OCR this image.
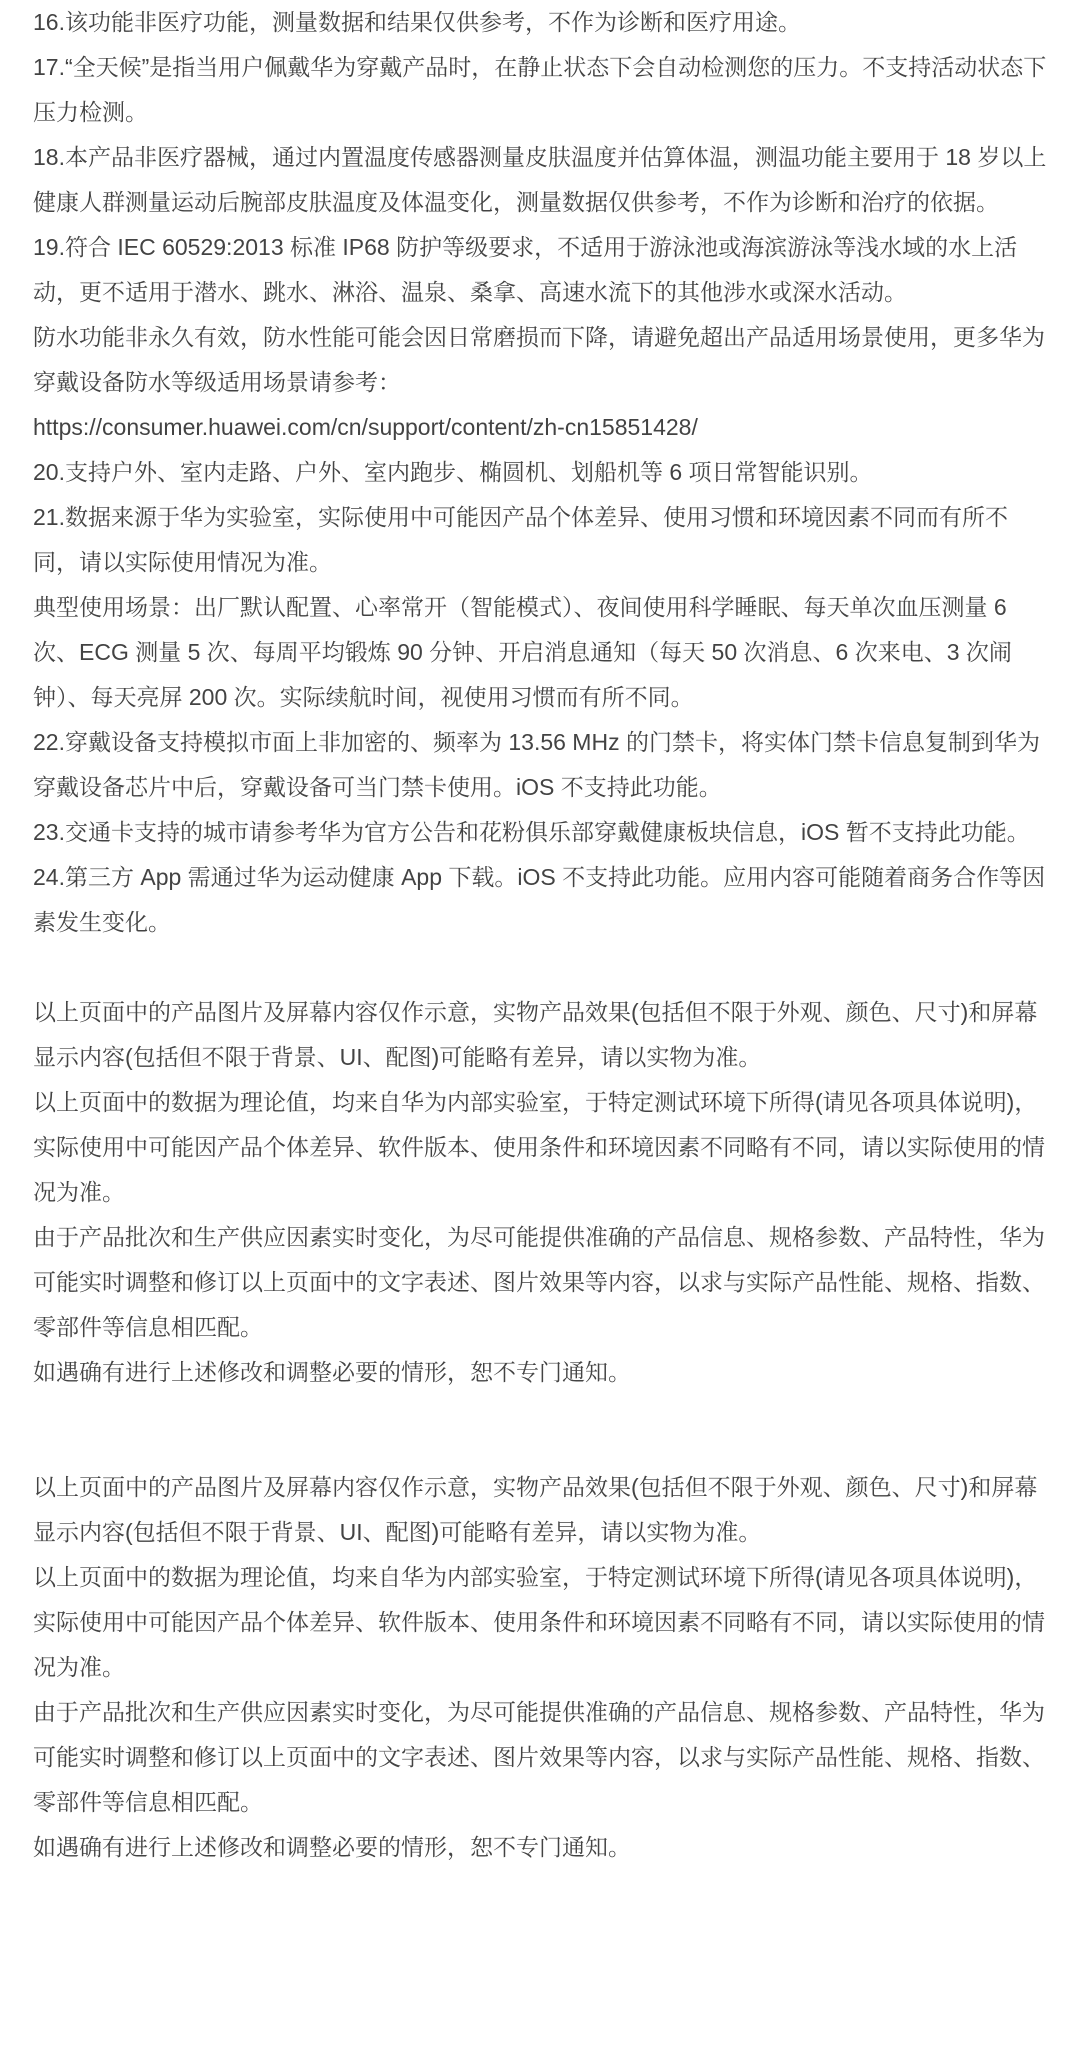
16.该功能非医疗功能，测量数据和结果仅供参考，不作为诊断和医疗用途。

17.“全天候”是指当用户佩戴华为穿戴产品时，在静止状态下会自动检测您的压力。不支持活动状态下压力检测。

18.本产品非医疗器械，通过内置温度传感器测量皮肤温度并估算体温，测温功能主要用于 18 岁以上健康人群测量运动后腕部皮肤温度及体温变化，测量数据仅供参考，不作为诊断和治疗的依据。

19.符合 IEC 60529:2013 标准 IP68 防护等级要求，不适用于游泳池或海滨游泳等浅水域的水上活动，更不适用于潜水、跳水、淋浴、温泉、桑拿、高速水流下的其他涉水或深水活动。

防水功能非永久有效，防水性能可能会因日常磨损而下降，请避免超出产品适用场景使用，更多华为穿戴设备防水等级适用场景请参考：

https://consumer.huawei.com/cn/support/content/zh-cn15851428/

20.支持户外、室内走路、户外、室内跑步、椭圆机、划船机等 6 项日常智能识别。

21.数据来源于华为实验室，实际使用中可能因产品个体差异、使用习惯和环境因素不同而有所不同，请以实际使用情况为准。

典型使用场景：出厂默认配置、心率常开（智能模式）、夜间使用科学睡眠、每天单次血压测量 6 次、ECG 测量 5 次、每周平均锻炼 90 分钟、开启消息通知（每天 50 次消息、6 次来电、3 次闹钟）、每天亮屏 200 次。实际续航时间，视使用习惯而有所不同。

22.穿戴设备支持模拟市面上非加密的、频率为 13.56 MHz 的门禁卡，将实体门禁卡信息复制到华为穿戴设备芯片中后，穿戴设备可当门禁卡使用。iOS 不支持此功能。

23.交通卡支持的城市请参考华为官方公告和花粉俱乐部穿戴健康板块信息，iOS 暂不支持此功能。

24.第三方 App 需通过华为运动健康 App 下载。iOS 不支持此功能。应用内容可能随着商务合作等因素发生变化。

以上页面中的产品图片及屏幕内容仅作示意，实物产品效果(包括但不限于外观、颜色、尺寸)和屏幕显示内容(包括但不限于背景、UI、配图)可能略有差异，请以实物为准。

以上页面中的数据为理论值，均来自华为内部实验室，于特定测试环境下所得(请见各项具体说明)，实际使用中可能因产品个体差异、软件版本、使用条件和环境因素不同略有不同，请以实际使用的情况为准。

由于产品批次和生产供应因素实时变化，为尽可能提供准确的产品信息、规格参数、产品特性，华为可能实时调整和修订以上页面中的文字表述、图片效果等内容，以求与实际产品性能、规格、指数、零部件等信息相匹配。

如遇确有进行上述修改和调整必要的情形，恕不专门通知。

以上页面中的产品图片及屏幕内容仅作示意，实物产品效果(包括但不限于外观、颜色、尺寸)和屏幕显示内容(包括但不限于背景、UI、配图)可能略有差异，请以实物为准。

以上页面中的数据为理论值，均来自华为内部实验室，于特定测试环境下所得(请见各项具体说明)，实际使用中可能因产品个体差异、软件版本、使用条件和环境因素不同略有不同，请以实际使用的情况为准。

由于产品批次和生产供应因素实时变化，为尽可能提供准确的产品信息、规格参数、产品特性，华为可能实时调整和修订以上页面中的文字表述、图片效果等内容，以求与实际产品性能、规格、指数、零部件等信息相匹配。

如遇确有进行上述修改和调整必要的情形，恕不专门通知。
